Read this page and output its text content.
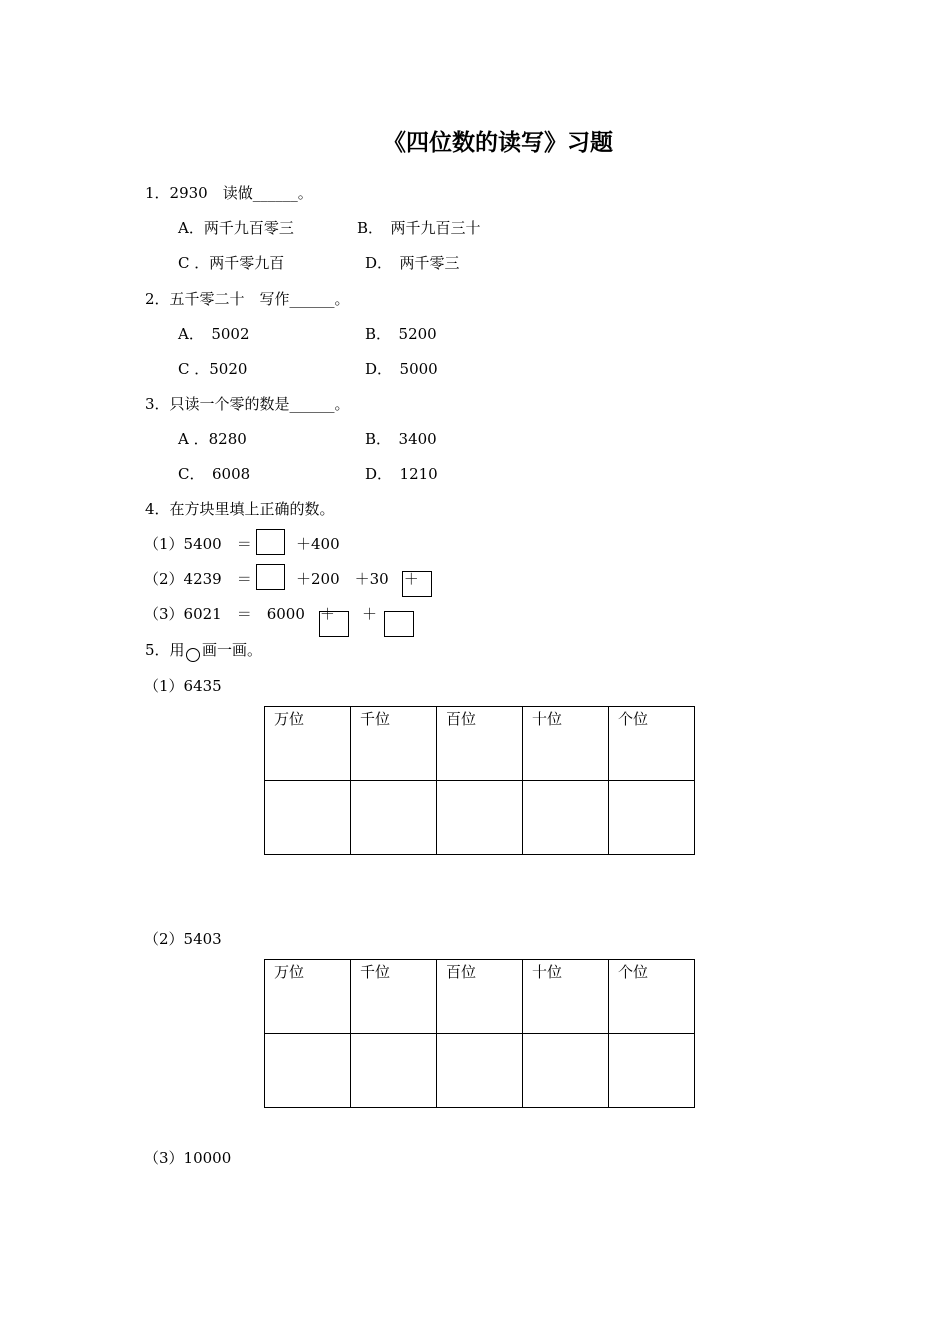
《四位数的读写》习题
1．2930　读做______。
A．两千九百零三	B．　两千九百三十
C ．两千零九百	D．　两千零三
2．五千零二十　写作______。
A．　5002	B．　5200
C ．5020	D．　5000
3．只读一个零的数是______。
A ．8280	B．　3400
C．　6008	D．　1210
4．在方块里填上正确的数。
（1）5400　＝	＋400
（2）4239　＝	＋200　＋30　＋
（3）6021　＝　6000　＋ ＋
5．用 画一画。
（1）6435
万位	千位	百位	十位	个位

（2）5403
万位	千位	百位	十位	个位

（3）10000
